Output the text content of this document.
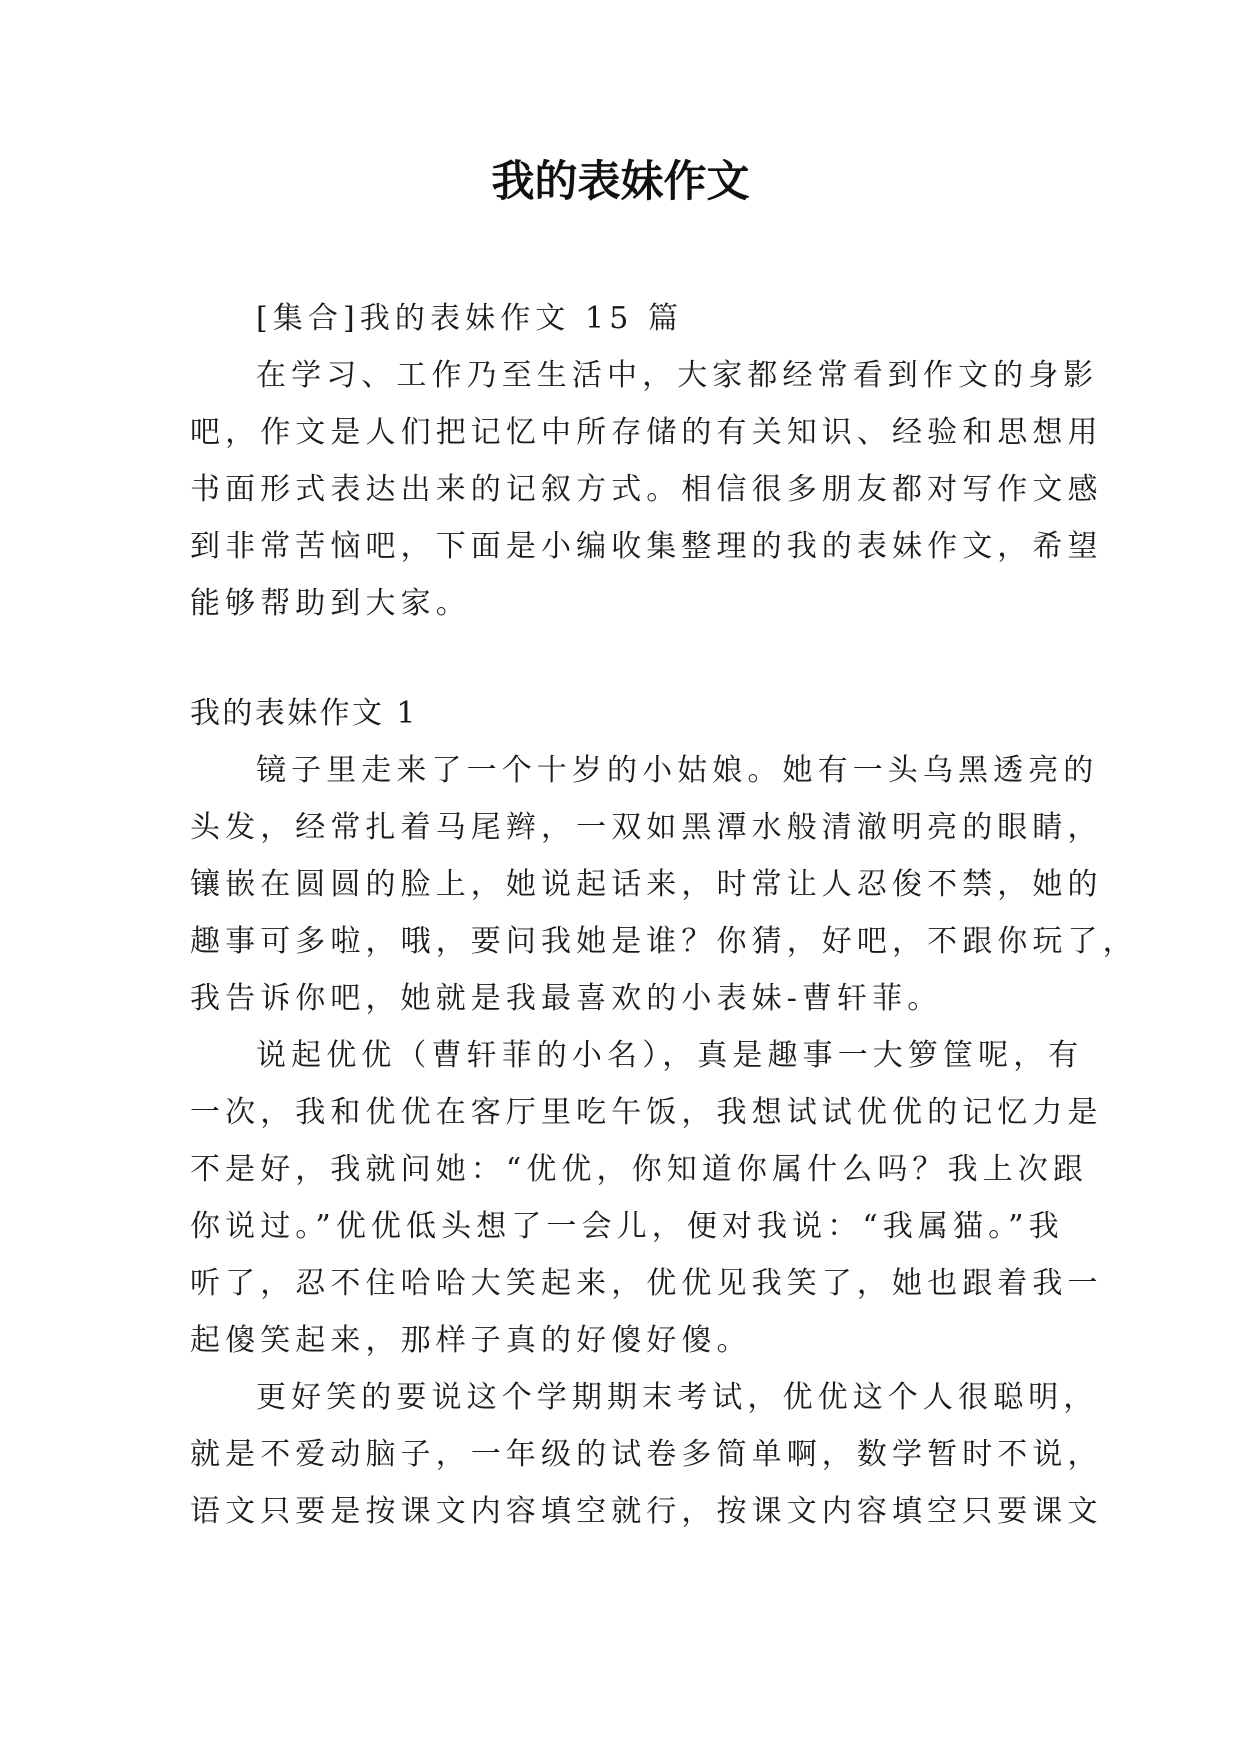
我的表妹作文

[集合]我的表妹作文 15 篇

在学习、工作乃至生活中，大家都经常看到作文的身影

吧，作文是人们把记忆中所存储的有关知识、经验和思想用

书面形式表达出来的记叙方式。相信很多朋友都对写作文感

到非常苦恼吧，下面是小编收集整理的我的表妹作文，希望

能够帮助到大家。

我的表妹作文 1

镜子里走来了一个十岁的小姑娘。她有一头乌黑透亮的

头发，经常扎着马尾辫，一双如黑潭水般清澈明亮的眼睛，

镶嵌在圆圆的脸上，她说起话来，时常让人忍俊不禁，她的

趣事可多啦，哦，要问我她是谁？你猜，好吧，不跟你玩了，

我告诉你吧，她就是我最喜欢的小表妹-曹轩菲。

说起优优（曹轩菲的小名），真是趣事一大箩筐呢，有

一次，我和优优在客厅里吃午饭，我想试试优优的记忆力是

不是好，我就问她：“优优，你知道你属什么吗？我上次跟

你说过。”优优低头想了一会儿，便对我说：“我属猫。”我

听了，忍不住哈哈大笑起来，优优见我笑了，她也跟着我一

起傻笑起来，那样子真的好傻好傻。

更好笑的要说这个学期期末考试，优优这个人很聪明，

就是不爱动脑子，一年级的试卷多简单啊，数学暂时不说，

语文只要是按课文内容填空就行，按课文内容填空只要课文
